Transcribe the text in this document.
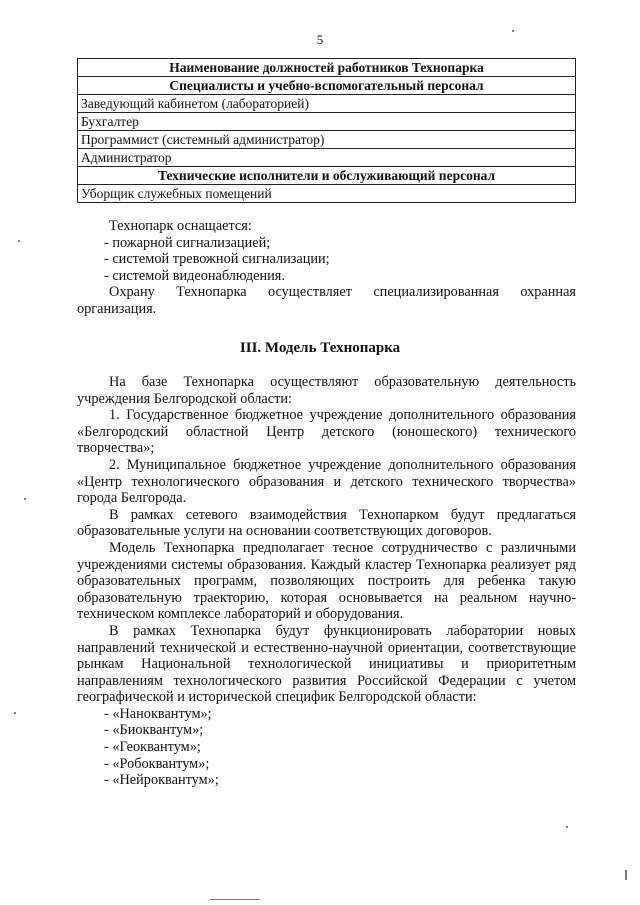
5
Наименование должностей работников Технопарка
Специалисты и учебно-вспомогательный персонал
Заведующий кабинетом (лабораторией)
Бухгалтер
Программист (системный администратор)
Администратор
Технические исполнители и обслуживающий персонал
Уборщик служебных помещений

Технопарк оснащается:

- пожарной сигнализацией;

- системой тревожной сигнализации;

- системой видеонаблюдения.

Охрану Технопарка осуществляет специализированная охранная организация.

III. Модель Технопарка

На базе Технопарка осуществляют образовательную деятельность учреждения Белгородской области:

1. Государственное бюджетное учреждение дополнительного образования «Белгородский областной Центр детского (юношеского) технического творчества»;

2. Муниципальное бюджетное учреждение дополнительного образования «Центр технологического образования и детского технического творчества» города Белгорода.

В рамках сетевого взаимодействия Технопарком будут предлагаться образовательные услуги на основании соответствующих договоров.

Модель Технопарка предполагает тесное сотрудничество с различными учреждениями системы образования. Каждый кластер Технопарка реализует ряд образовательных программ, позволяющих построить для ребенка такую образовательную траекторию, которая основывается на реальном научно-техническом комплексе лабораторий и оборудования.

В рамках Технопарка будут функционировать лаборатории новых направлений технической и естественно-научной ориентации, соответствующие рынкам Национальной технологической инициативы и приоритетным направлениям технологического развития Российской Федерации с учетом географической и исторической специфик Белгородской области:

- «Наноквантум»;

- «Биоквантум»;

- «Геоквантум»;

- «Робоквантум»;

- «Нейроквантум»;
